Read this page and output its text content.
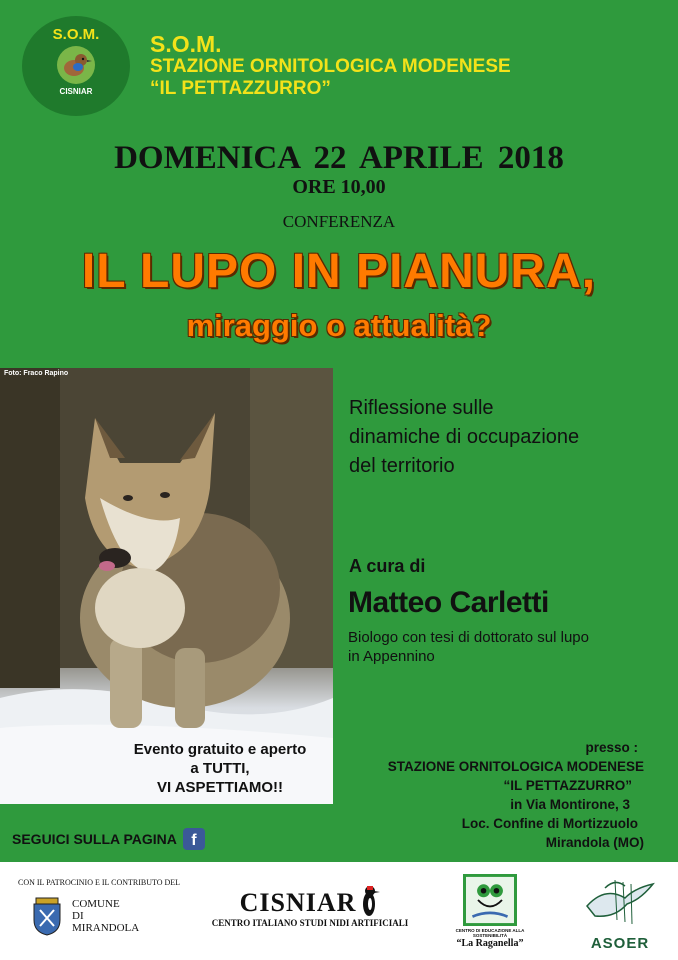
S.O.M.
CISNIAR
S.O.M.
STAZIONE ORNITOLOGICA MODENESE
“IL PETTAZZURRO”
DOMENICA 22 APRILE 2018
ORE 10,00
CONFERENZA
IL LUPO IN PIANURA,
miraggio o attualità?
Foto: Fraco Rapino
Evento gratuito e aperto
a TUTTI,
VI ASPETTIAMO!!
Riflessione sulle
dinamiche di occupazione
del territorio
A cura di
Matteo Carletti
Biologo con tesi di dottorato sul lupo
in Appennino
presso :
STAZIONE ORNITOLOGICA MODENESE
“IL PETTAZZURRO”
in Via Montirone, 3
Loc. Confine di Mortizzuolo
Mirandola (MO)
SEGUICI SULLA PAGINA f
CON IL PATROCINIO E IL CONTRIBUTO DEL
COMUNE
DI
MIRANDOLA
CISNIAR
CENTRO ITALIANO STUDI NIDI ARTIFICIALI
CENTRO DI EDUCAZIONE ALLA SOSTENIBILITÀ
“La Raganella”	ASOER
